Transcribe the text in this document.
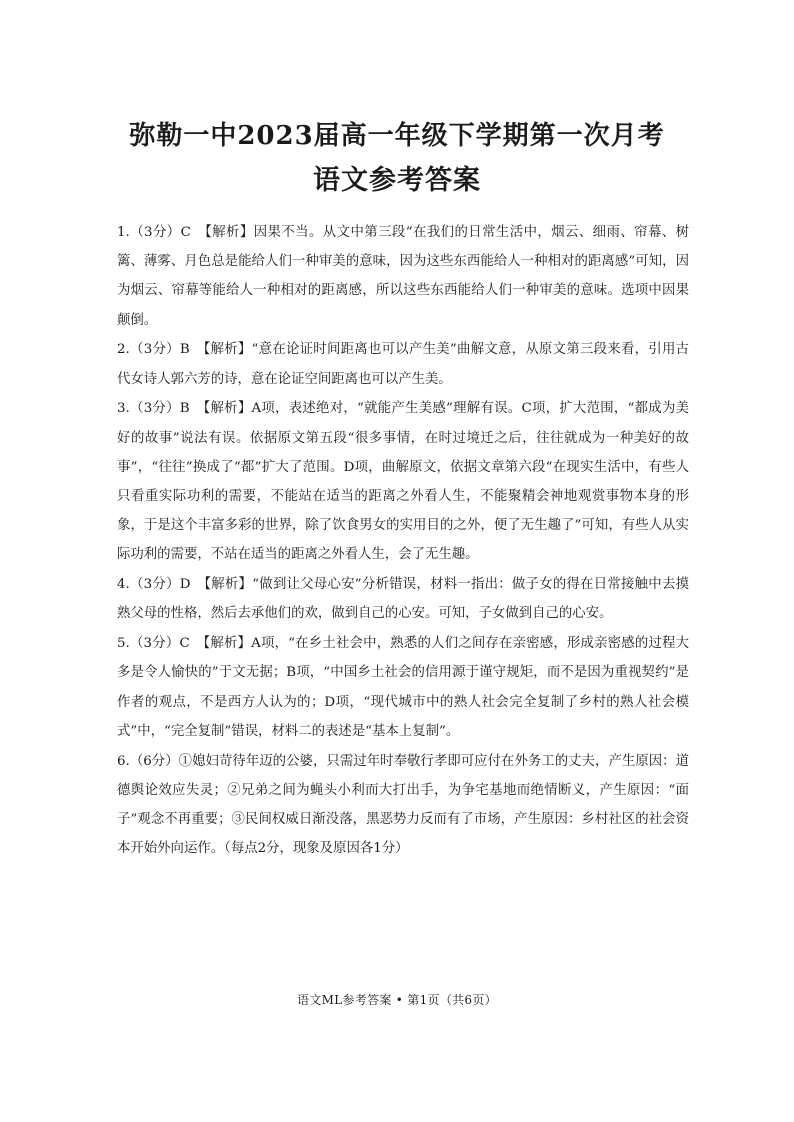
弥勒一中2023届高一年级下学期第一次月考
语文参考答案
1.（3分）C　【解析】因果不当。从文中第三段“在我们的日常生活中，烟云、细雨、帘幕、树篱、薄雾、月色总是能给人们一种审美的意味，因为这些东西能给人一种相对的距离感”可知，因为烟云、帘幕等能给人一种相对的距离感，所以这些东西能给人们一种审美的意味。选项中因果颠倒。
2.（3分）B　【解析】“意在论证时间距离也可以产生美”曲解文意，从原文第三段来看，引用古代女诗人郭六芳的诗，意在论证空间距离也可以产生美。
3.（3分）B　【解析】A项，表述绝对，“就能产生美感”理解有误。C项，扩大范围，“都成为美好的故事”说法有误。依据原文第五段“很多事情，在时过境迁之后，往往就成为一种美好的故事”，“往往”换成了“都”扩大了范围。D项，曲解原文，依据文章第六段“在现实生活中，有些人只看重实际功利的需要，不能站在适当的距离之外看人生，不能聚精会神地观赏事物本身的形象，于是这个丰富多彩的世界，除了饮食男女的实用目的之外，便了无生趣了”可知，有些人从实际功利的需要，不站在适当的距离之外看人生，会了无生趣。
4.（3分）D　【解析】“做到让父母心安”分析错误，材料一指出：做子女的得在日常接触中去摸熟父母的性格，然后去承他们的欢，做到自己的心安。可知，子女做到自己的心安。
5.（3分）C　【解析】A项，“在乡土社会中，熟悉的人们之间存在亲密感，形成亲密感的过程大多是令人愉快的”于文无据；B项，“中国乡土社会的信用源于谨守规矩，而不是因为重视契约”是作者的观点，不是西方人认为的；D项，“现代城市中的熟人社会完全复制了乡村的熟人社会模式”中，“完全复制”错误，材料二的表述是“基本上复制”。
6.（6分）①媳妇苛待年迈的公婆，只需过年时奉敬行孝即可应付在外务工的丈夫，产生原因：道德舆论效应失灵；②兄弟之间为蝇头小利而大打出手，为争宅基地而绝情断义，产生原因：“面子”观念不再重要；③民间权威日渐没落，黑恶势力反而有了市场，产生原因：乡村社区的社会资本开始外向运作。（每点2分，现象及原因各1分）
语文ML参考答案 • 第1页（共6页）
